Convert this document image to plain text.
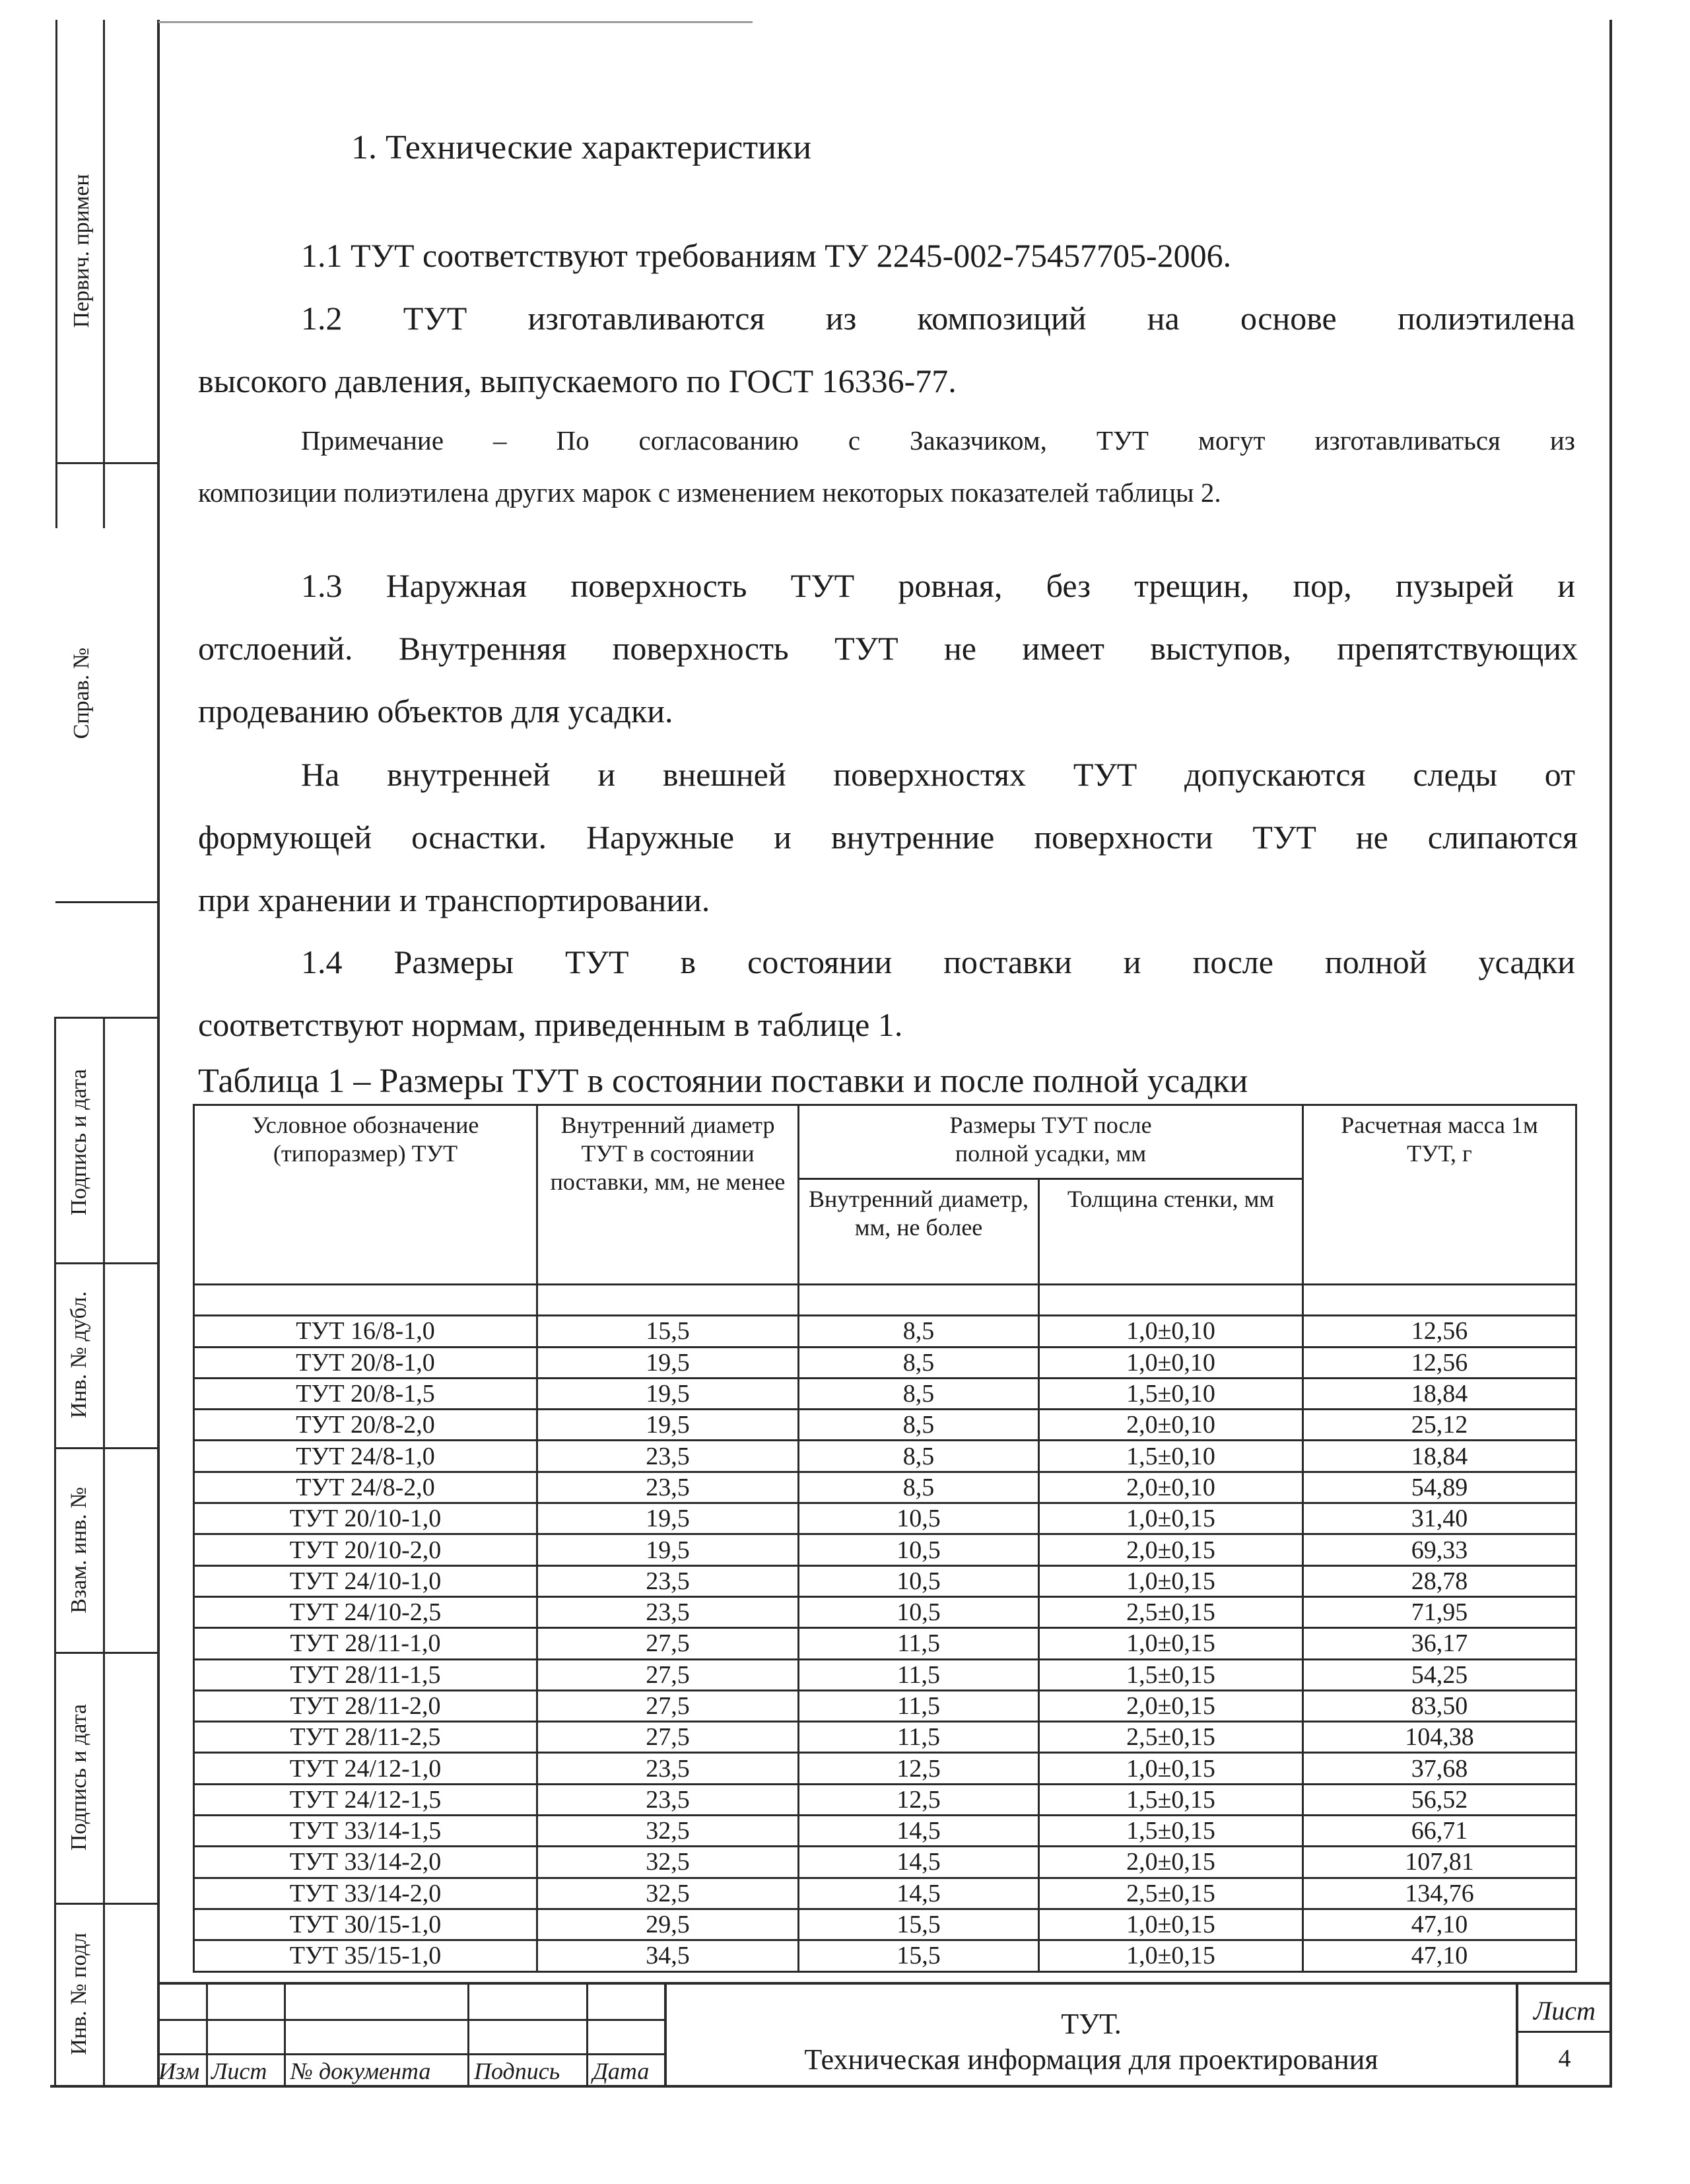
Первич. примен
Справ. №
Подпись и дата
Инв. № дубл.
Взам. инв. №
Подпись и дата
Инв. № подл
1. Технические характеристики
1.1 ТУТ соответствуют требованиям ТУ 2245-002-75457705-2006.
1.2 ТУТ изготавливаются из композиций на основе полиэтилена
высокого давления, выпускаемого по ГОСТ 16336-77.
Примечание – По согласованию с Заказчиком, ТУТ могут изготавливаться из
композиции полиэтилена других марок с изменением некоторых показателей таблицы 2.
1.3 Наружная поверхность ТУТ ровная, без трещин, пор, пузырей и
отслоений. Внутренняя поверхность ТУТ не имеет выступов, препятствующих
продеванию объектов для усадки.
На внутренней и внешней поверхностях ТУТ допускаются следы от
формующей оснастки. Наружные и внутренние поверхности ТУТ не слипаются
при хранении и транспортировании.
1.4 Размеры ТУТ в состоянии поставки и после полной усадки
соответствуют нормам, приведенным в таблице 1.
Таблица 1 – Размеры ТУТ в состоянии поставки и после полной усадки
Условное обозначение (типоразмер) ТУТ	Внутренний диаметр ТУТ в состоянии поставки, мм, не менее	Размеры ТУТ после полной усадки, мм		Расчетная масса 1м ТУТ, г

		Внутренний диаметр, мм, не более	Толщина стенки, мм	

ТУТ 16/8-1,0	15,5	8,5	1,0±0,10	12,56
ТУТ 20/8-1,0	19,5	8,5	1,0±0,10	12,56
ТУТ 20/8-1,5	19,5	8,5	1,5±0,10	18,84
ТУТ 20/8-2,0	19,5	8,5	2,0±0,10	25,12
ТУТ 24/8-1,0	23,5	8,5	1,5±0,10	18,84
ТУТ 24/8-2,0	23,5	8,5	2,0±0,10	54,89
ТУТ 20/10-1,0	19,5	10,5	1,0±0,15	31,40
ТУТ 20/10-2,0	19,5	10,5	2,0±0,15	69,33
ТУТ 24/10-1,0	23,5	10,5	1,0±0,15	28,78
ТУТ 24/10-2,5	23,5	10,5	2,5±0,15	71,95
ТУТ 28/11-1,0	27,5	11,5	1,0±0,15	36,17
ТУТ 28/11-1,5	27,5	11,5	1,5±0,15	54,25
ТУТ 28/11-2,0	27,5	11,5	2,0±0,15	83,50
ТУТ 28/11-2,5	27,5	11,5	2,5±0,15	104,38
ТУТ 24/12-1,0	23,5	12,5	1,0±0,15	37,68
ТУТ 24/12-1,5	23,5	12,5	1,5±0,15	56,52
ТУТ 33/14-1,5	32,5	14,5	1,5±0,15	66,71
ТУТ 33/14-2,0	32,5	14,5	2,0±0,15	107,81
ТУТ 33/14-2,0	32,5	14,5	2,5±0,15	134,76
ТУТ 30/15-1,0	29,5	15,5	1,0±0,15	47,10
ТУТ 35/15-1,0	34,5	15,5	1,0±0,15	47,10
Изм Лист № документа Подпись Дата
ТУТ.
Техническая информация для проектирования
Лист
4
